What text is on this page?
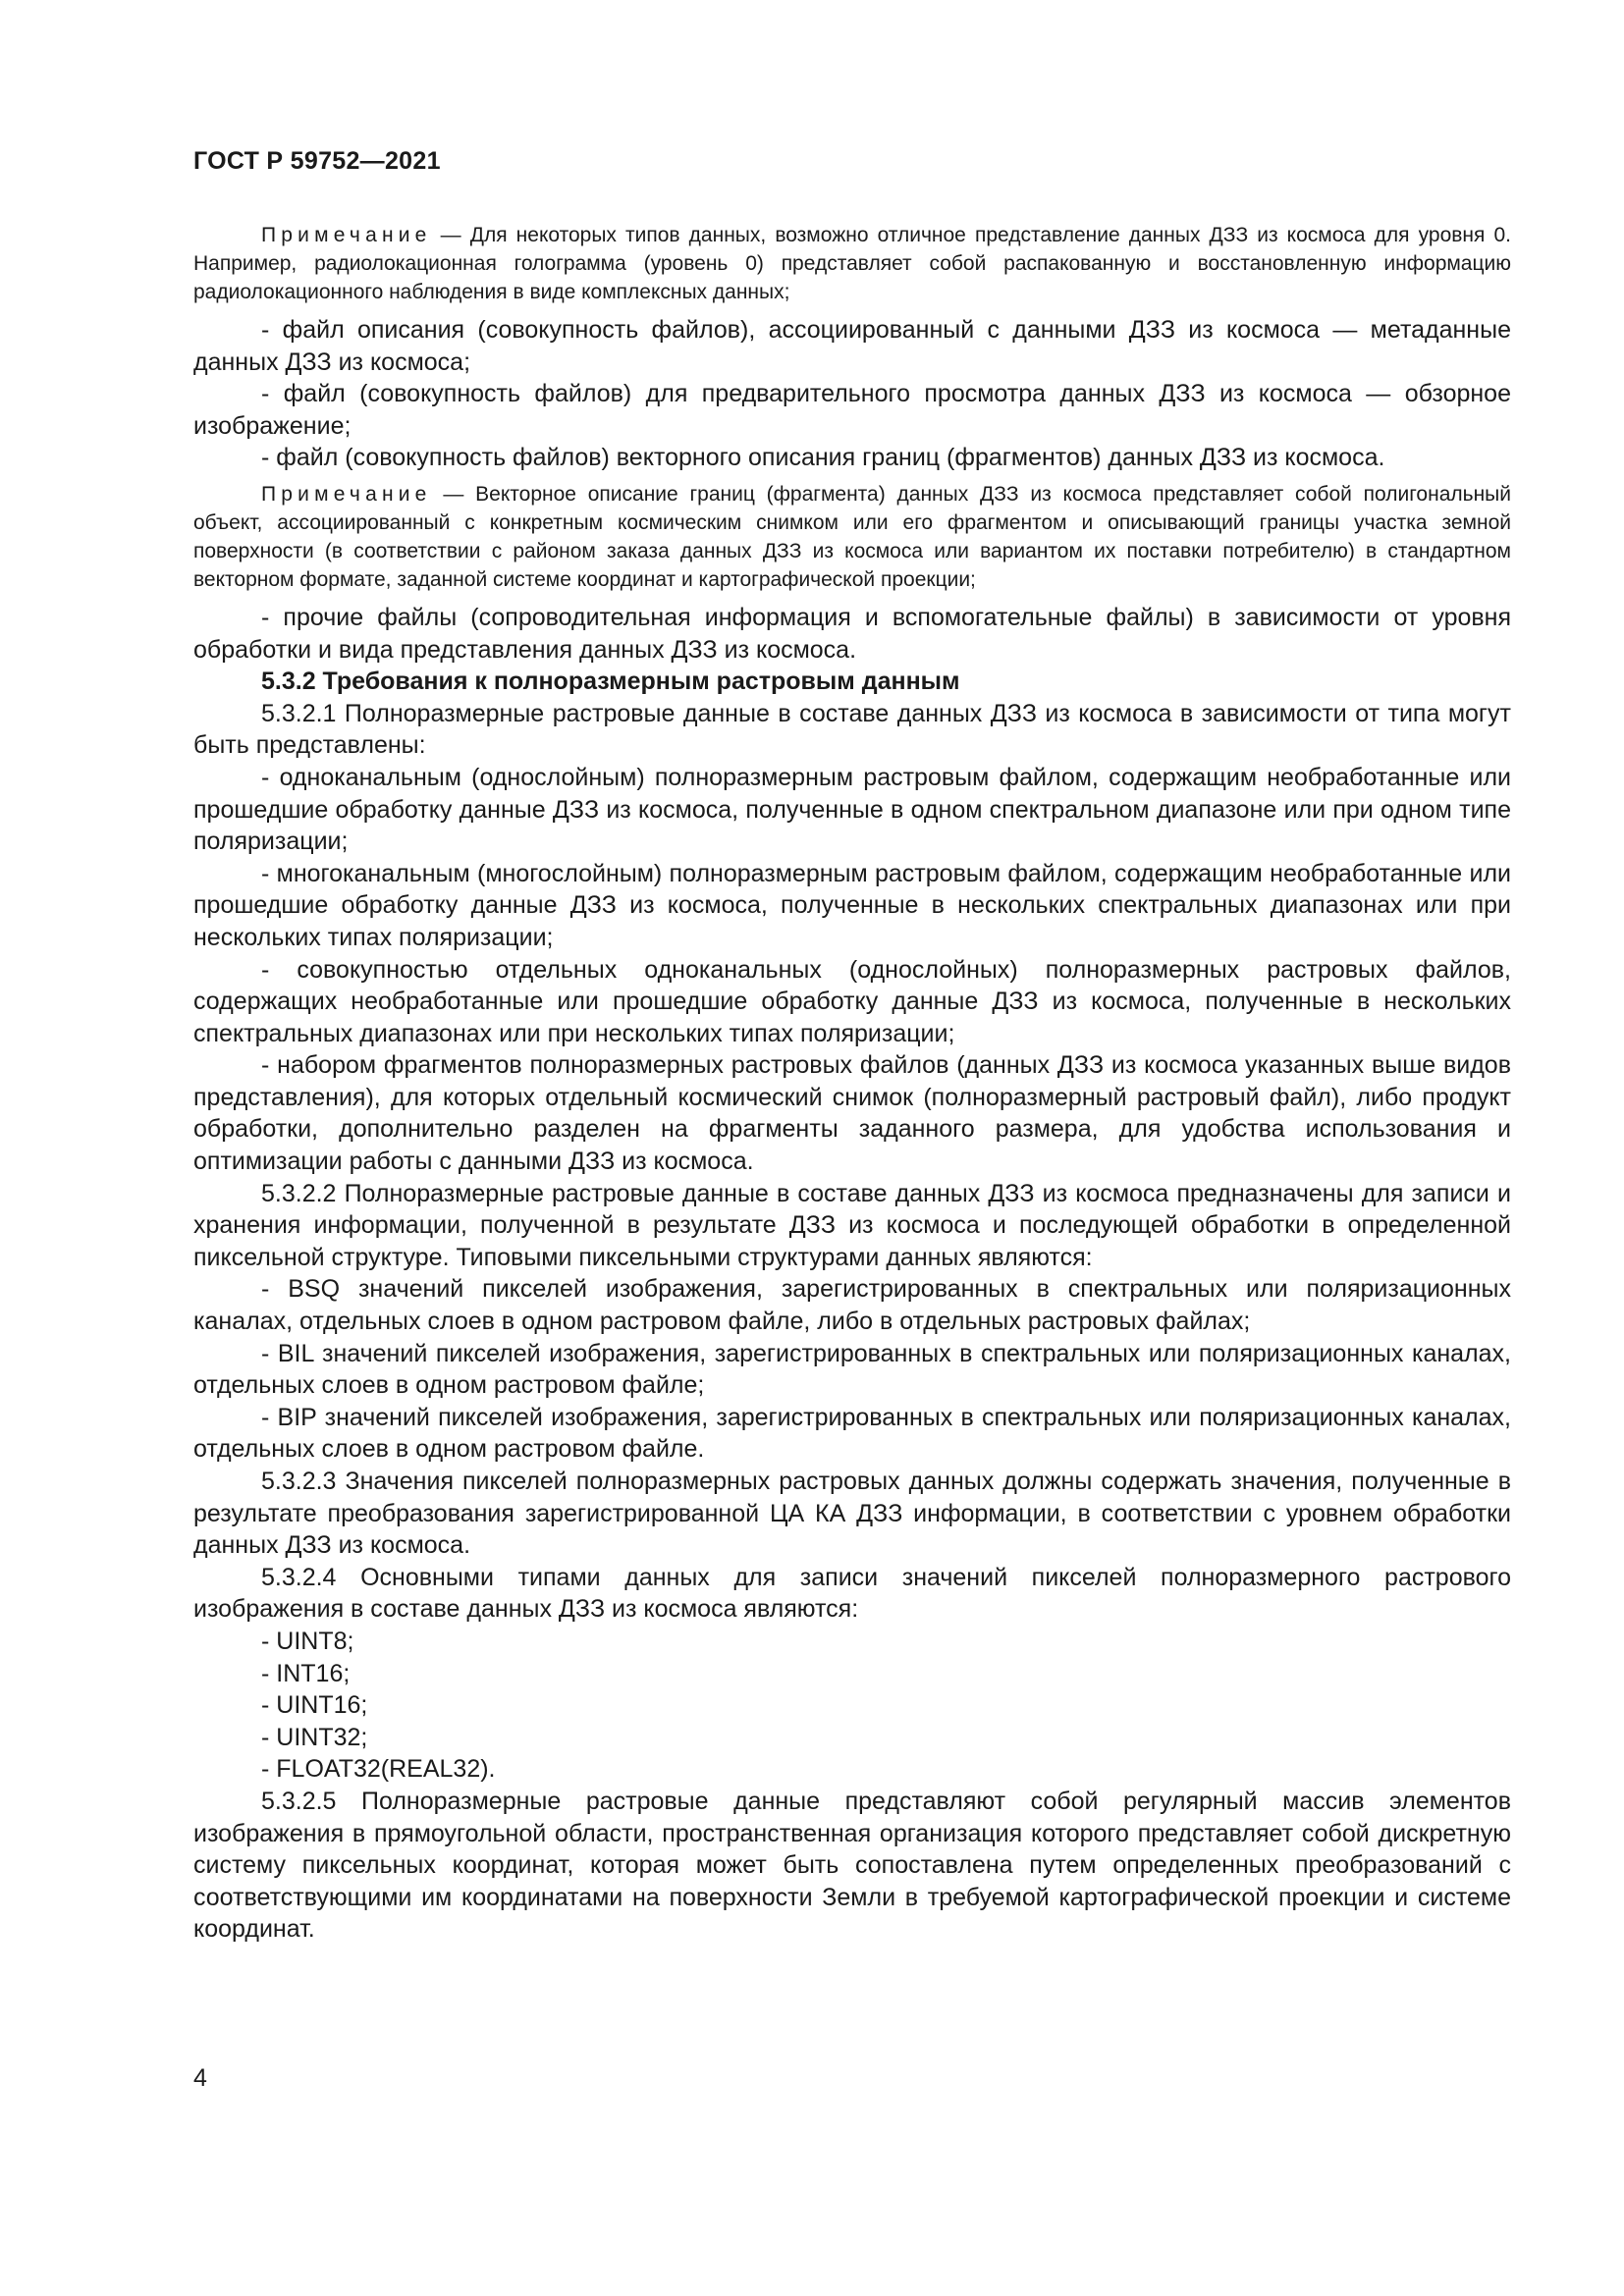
ГОСТ Р 59752—2021

Примечание — Для некоторых типов данных, возможно отличное представление данных ДЗЗ из космоса для уровня 0. Например, радиолокационная голограмма (уровень 0) представляет собой распакованную и восстановленную информацию радиолокационного наблюдения в виде комплексных данных;

- файл описания (совокупность файлов), ассоциированный с данными ДЗЗ из космоса — метаданные данных ДЗЗ из космоса;

- файл (совокупность файлов) для предварительного просмотра данных ДЗЗ из космоса — обзорное изображение;

- файл (совокупность файлов) векторного описания границ (фрагментов) данных ДЗЗ из космоса.

Примечание — Векторное описание границ (фрагмента) данных ДЗЗ из космоса представляет собой полигональный объект, ассоциированный с конкретным космическим снимком или его фрагментом и описывающий границы участка земной поверхности (в соответствии с районом заказа данных ДЗЗ из космоса или вариантом их поставки потребителю) в стандартном векторном формате, заданной системе координат и картографической проекции;

- прочие файлы (сопроводительная информация и вспомогательные файлы) в зависимости от уровня обработки и вида представления данных ДЗЗ из космоса.

5.3.2 Требования к полноразмерным растровым данным

5.3.2.1 Полноразмерные растровые данные в составе данных ДЗЗ из космоса в зависимости от типа могут быть представлены:

- одноканальным (однослойным) полноразмерным растровым файлом, содержащим необработанные или прошедшие обработку данные ДЗЗ из космоса, полученные в одном спектральном диапазоне или при одном типе поляризации;

- многоканальным (многослойным) полноразмерным растровым файлом, содержащим необработанные или прошедшие обработку данные ДЗЗ из космоса, полученные в нескольких спектральных диапазонах или при нескольких типах поляризации;

- совокупностью отдельных одноканальных (однослойных) полноразмерных растровых файлов, содержащих необработанные или прошедшие обработку данные ДЗЗ из космоса, полученные в нескольких спектральных диапазонах или при нескольких типах поляризации;

- набором фрагментов полноразмерных растровых файлов (данных ДЗЗ из космоса указанных выше видов представления), для которых отдельный космический снимок (полноразмерный растровый файл), либо продукт обработки, дополнительно разделен на фрагменты заданного размера, для удобства использования и оптимизации работы с данными ДЗЗ из космоса.

5.3.2.2 Полноразмерные растровые данные в составе данных ДЗЗ из космоса предназначены для записи и хранения информации, полученной в результате ДЗЗ из космоса и последующей обработки в определенной пиксельной структуре. Типовыми пиксельными структурами данных являются:

- BSQ значений пикселей изображения, зарегистрированных в спектральных или поляризационных каналах, отдельных слоев в одном растровом файле, либо в отдельных растровых файлах;

- BIL значений пикселей изображения, зарегистрированных в спектральных или поляризационных каналах, отдельных слоев в одном растровом файле;

- BIP значений пикселей изображения, зарегистрированных в спектральных или поляризационных каналах, отдельных слоев в одном растровом файле.

5.3.2.3 Значения пикселей полноразмерных растровых данных должны содержать значения, полученные в результате преобразования зарегистрированной ЦА КА ДЗЗ информации, в соответствии с уровнем обработки данных ДЗЗ из космоса.

5.3.2.4 Основными типами данных для записи значений пикселей полноразмерного растрового изображения в составе данных ДЗЗ из космоса являются:

- UINT8;

- INT16;

- UINT16;

- UINT32;

- FLOAT32(REAL32).

5.3.2.5 Полноразмерные растровые данные представляют собой регулярный массив элементов изображения в прямоугольной области, пространственная организация которого представляет собой дискретную систему пиксельных координат, которая может быть сопоставлена путем определенных преобразований с соответствующими им координатами на поверхности Земли в требуемой картографической проекции и системе координат.

4
